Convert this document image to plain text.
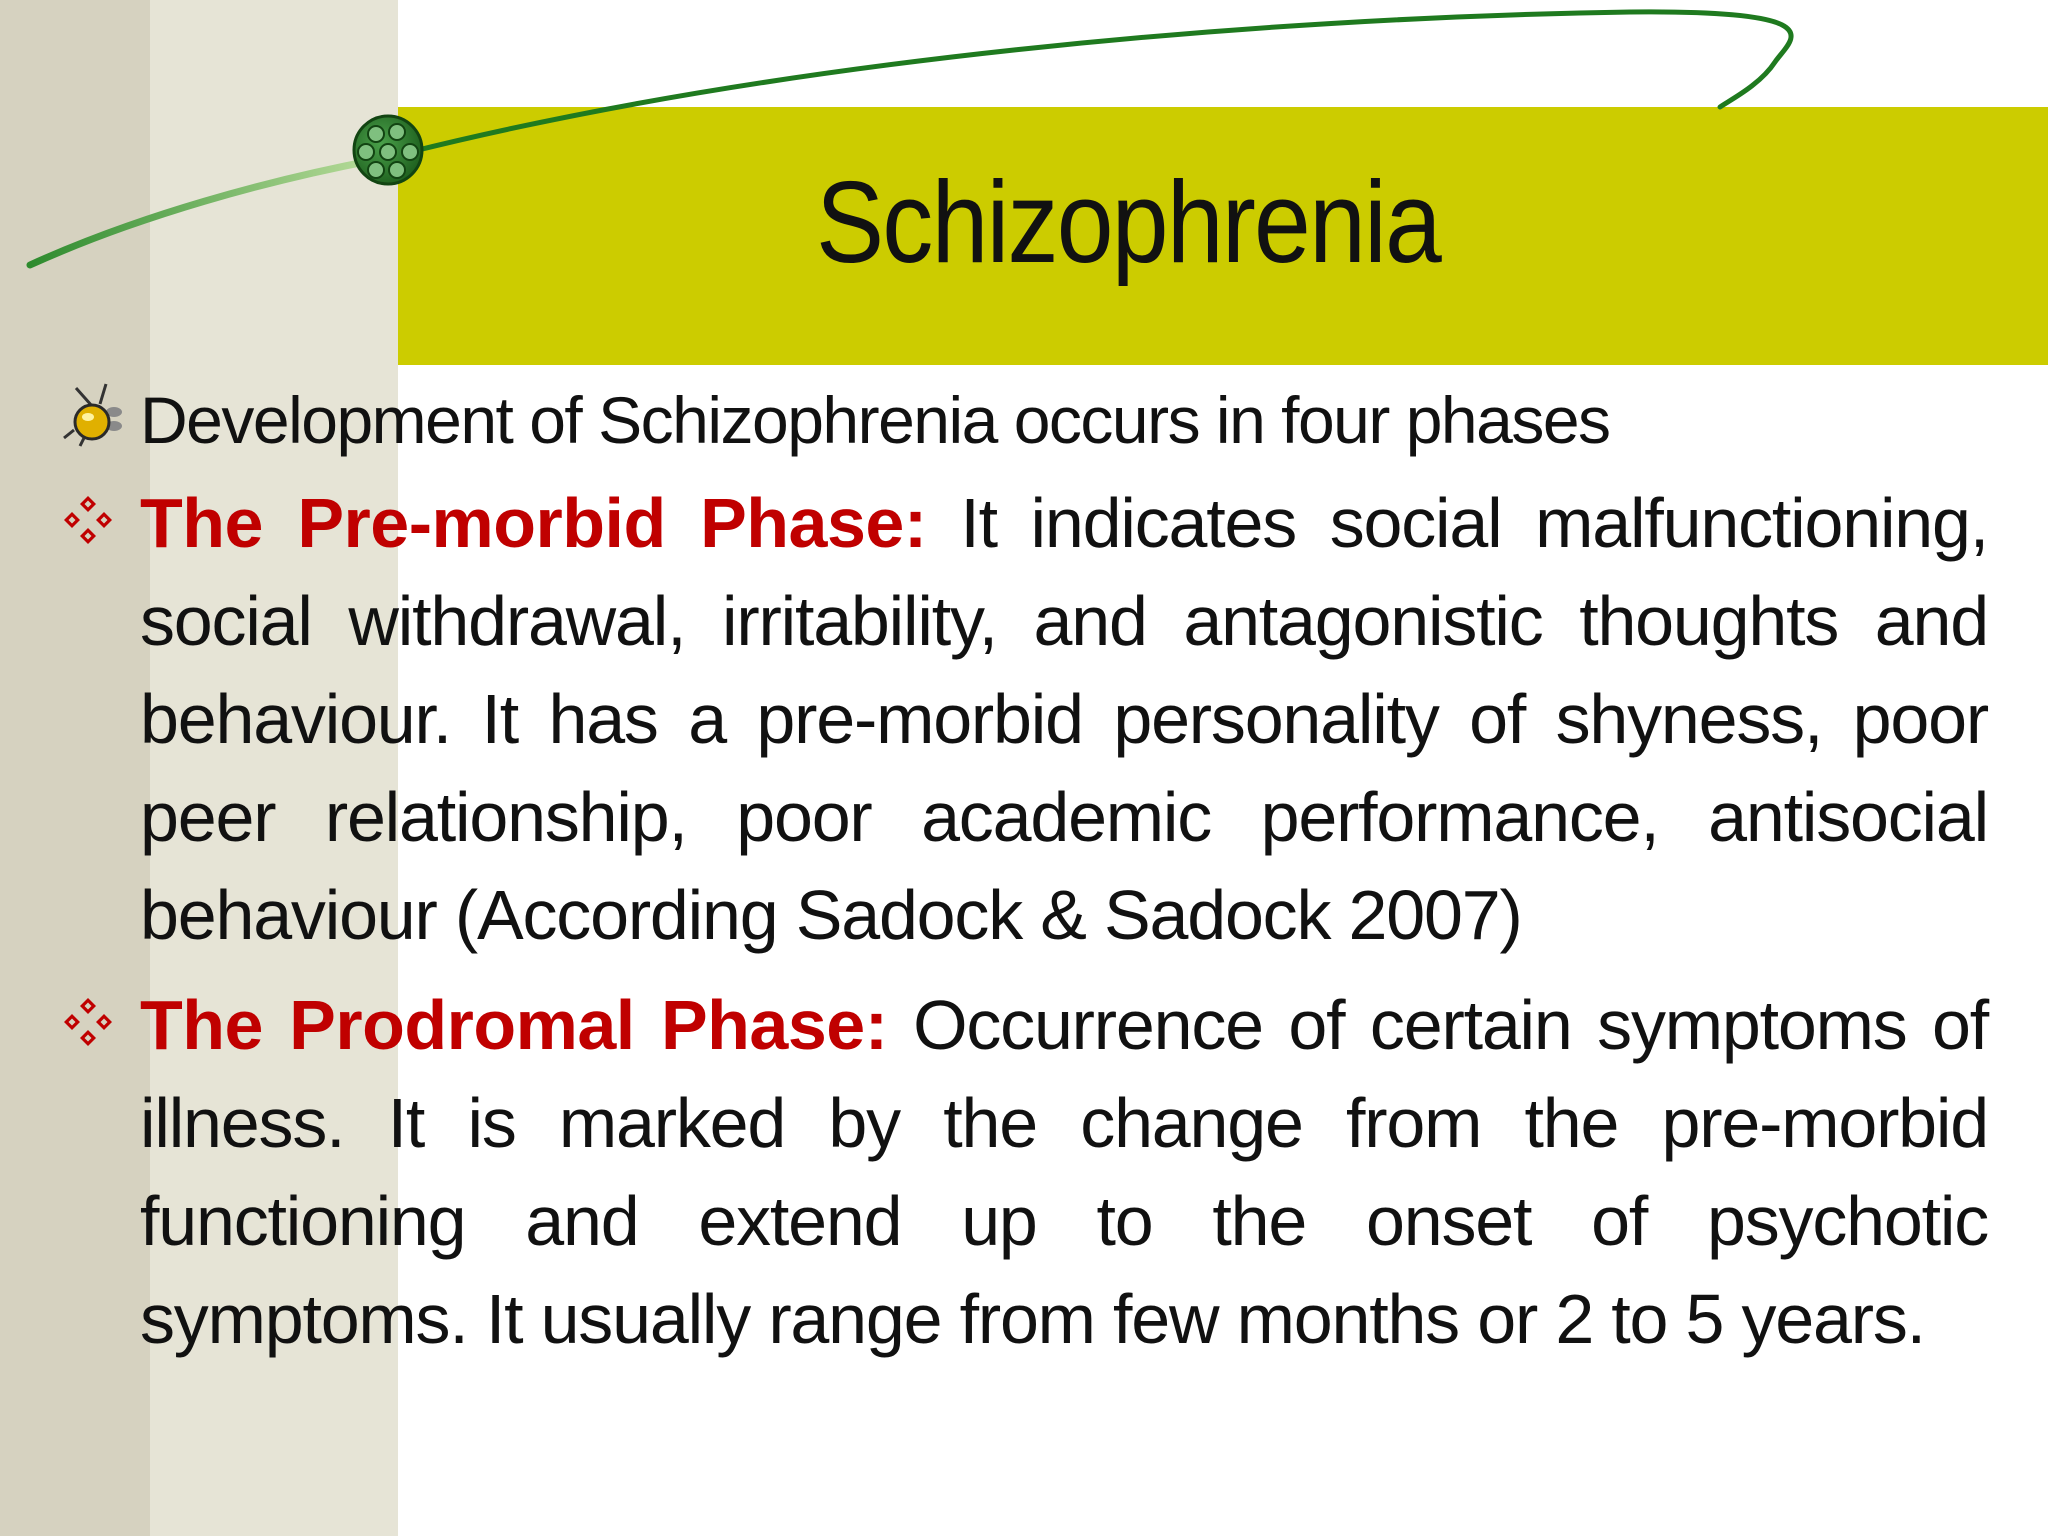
Schizophrenia
Development of Schizophrenia occurs in four phases
The Pre-morbid Phase: It indicates social malfunctioning, social withdrawal, irritability, and antagonistic thoughts and behaviour. It has a pre-morbid personality of shyness, poor peer relationship, poor academic performance, antisocial behaviour (According Sadock & Sadock 2007)
The Prodromal Phase: Occurrence of certain symptoms of illness. It is marked by the change from the pre-morbid functioning and extend up to the onset of psychotic symptoms. It usually range from few months or 2 to 5 years.
